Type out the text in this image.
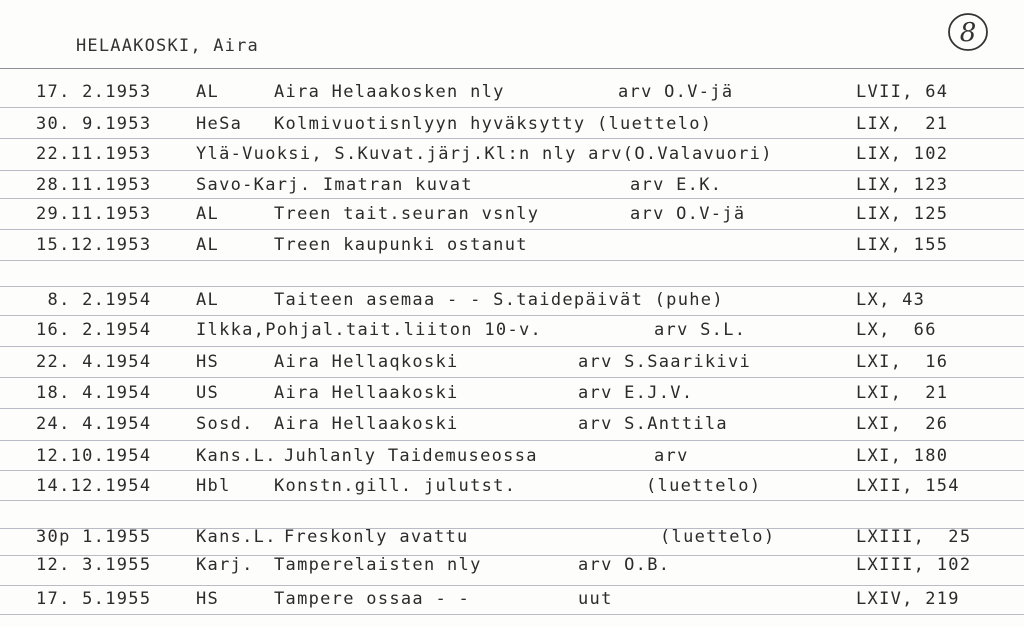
HELAAKOSKI, Aira	8
17. 2.1953	AL	Aira Helaakosken nly	arv O.V-jä	LVII, 64
30. 9.1953	HeSa Kolmivuotisnlyyn hyväksytty (luettelo)	LIX,  21
22.11.1953	Ylä-Vuoksi, S.Kuvat.järj.Kl:n nly arv(O.Valavuori)	LIX, 102
28.11.1953	Savo-Karj. Imatran kuvat	arv E.K.	LIX, 123
29.11.1953	AL	Treen tait.seuran vsnly	arv O.V-jä	LIX, 125
15.12.1953	AL	Treen kaupunki ostanut	LIX, 155
8. 2.1954	AL	Taiteen asemaa - - S.taidepäivät (puhe)	LX, 43
16. 2.1954	Ilkka,Pohjal.tait.liiton 10-v.	arv S.L.	LX,  66
22. 4.1954	HS	Aira Hellaqkoski	arv S.Saarikivi	LXI,  16
18. 4.1954	US	Aira Hellaakoski	arv E.J.V.	LXI,  21
24. 4.1954	Sosd. Aira Hellaakoski	arv S.Anttila	LXI,  26
12.10.1954	Kans.L. Juhlanly Taidemuseossa	arv	LXI, 180
14.12.1954	Hbl	Konstn.gill. julutst.	(luettelo)	LXII, 154
30p 1.1955	Kans.L. Freskonly avattu	(luettelo)	LXIII,  25
12. 3.1955	Karj. Tamperelaisten nly	arv O.B.	LXIII, 102
17. 5.1955	HS	Tampere ossaa - -	uut	LXIV, 219
